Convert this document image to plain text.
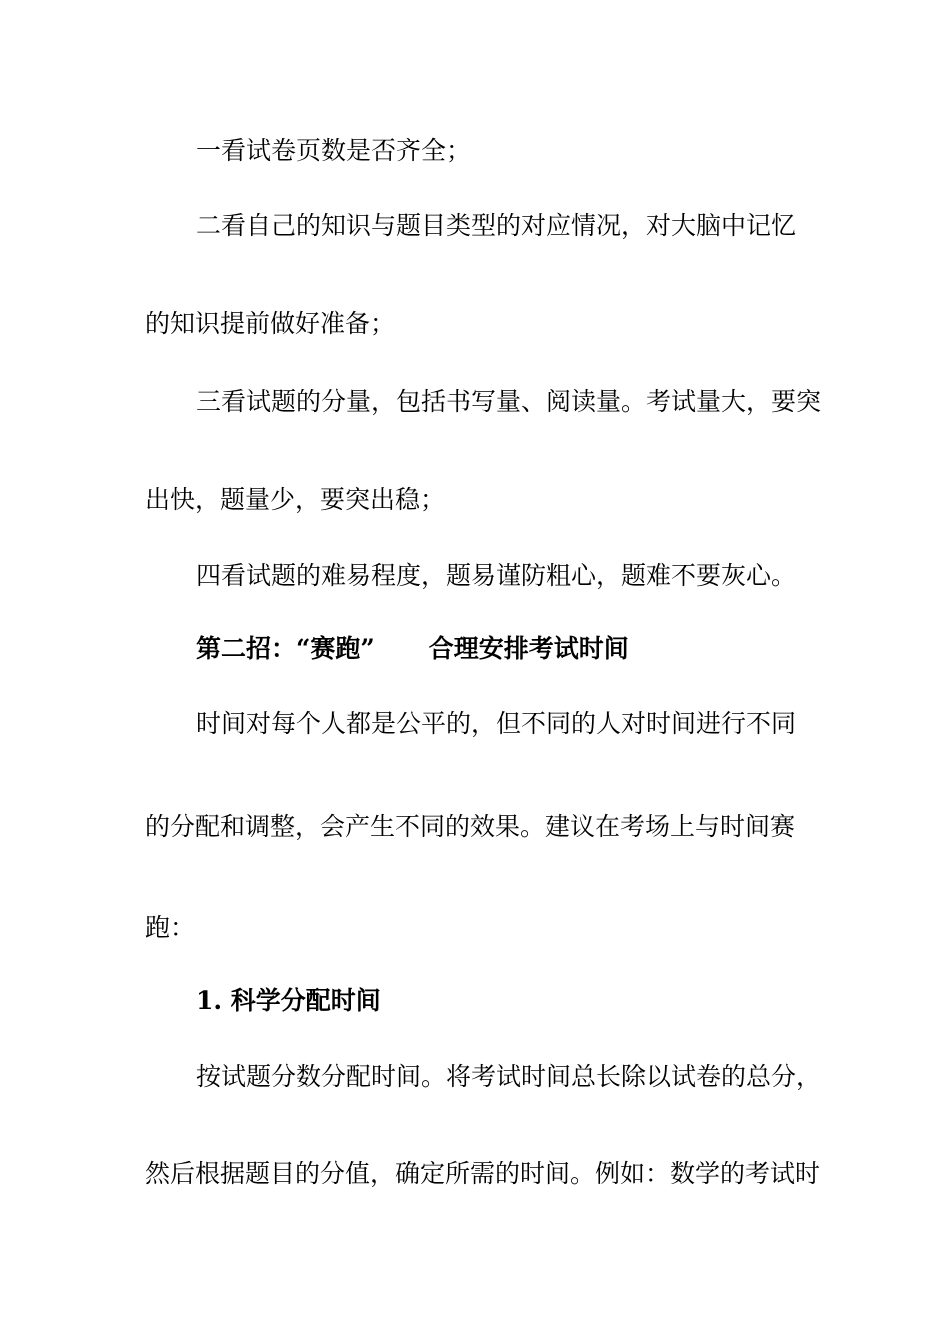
一看试卷页数是否齐全；

二看自己的知识与题目类型的对应情况，对大脑中记忆

的知识提前做好准备；

三看试题的分量，包括书写量、阅读量。考试量大，要突

出快，题量少，要突出稳；

四看试题的难易程度，题易谨防粗心，题难不要灰心。

第二招：“赛跑” 合理安排考试时间

时间对每个人都是公平的，但不同的人对时间进行不同

的分配和调整，会产生不同的效果。建议在考场上与时间赛

跑：

1. 科学分配时间

按试题分数分配时间。将考试时间总长除以试卷的总分，

然后根据题目的分值，确定所需的时间。例如：数学的考试时
